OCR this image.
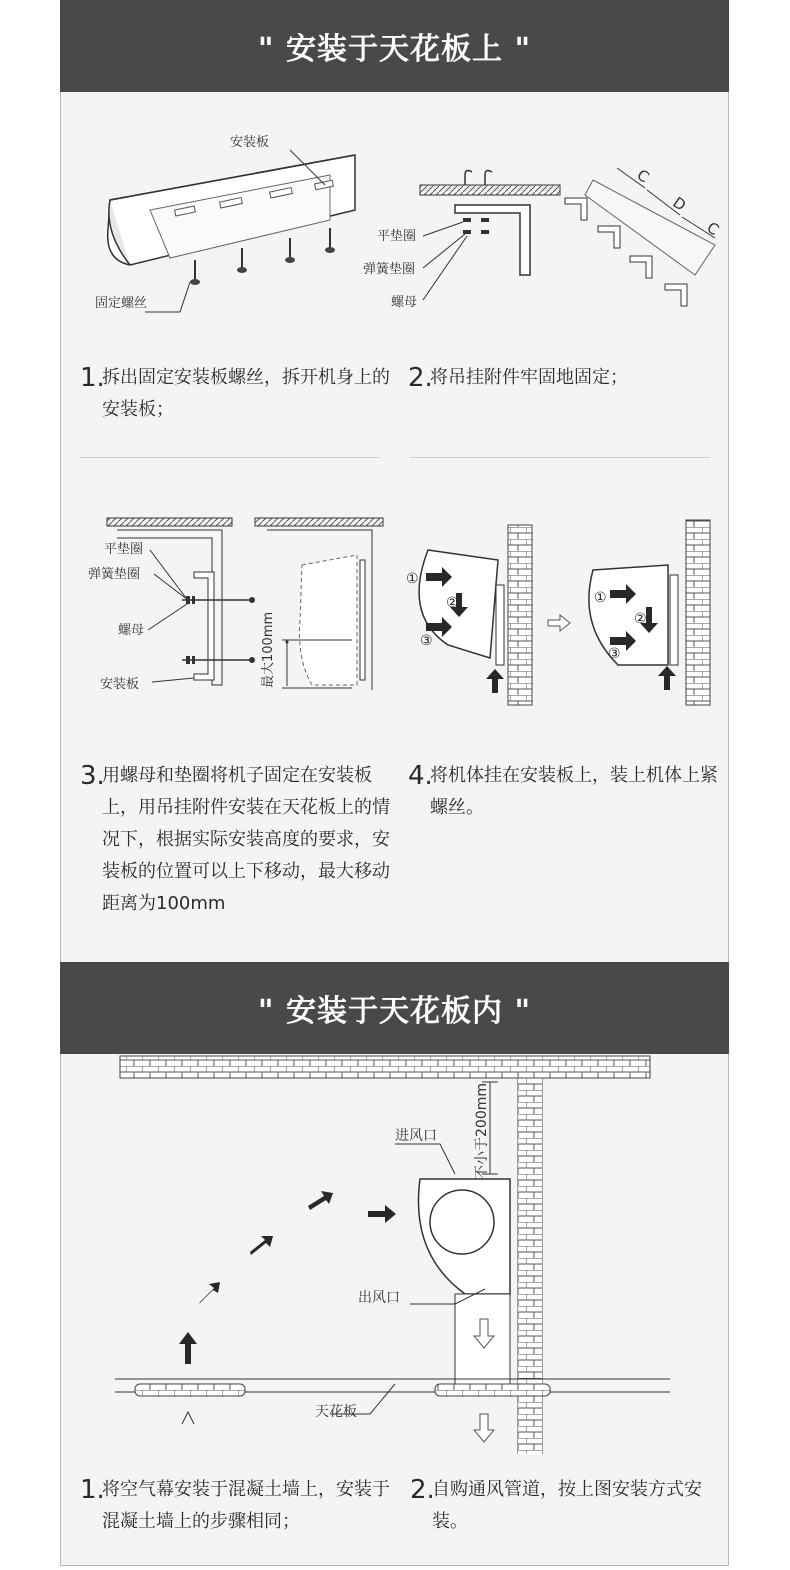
" 安装于天花板上 "
安装板
固定螺丝
平垫圈
弹簧垫圈
螺母
C
D
C
1.
拆出固定安装板螺丝，拆开机身上的安装板；
2.
将吊挂附件牢固地固定；
平垫圈
弹簧垫圈
螺母
安装板	最大100mm
①
②
③
①
②
③
3.
用螺母和垫圈将机子固定在安装板上，用吊挂附件安装在天花板上的情况下，根据实际安装高度的要求，安装板的位置可以上下移动，最大移动距离为100mm
4.
将机体挂在安装板上，装上机体上紧螺丝。
" 安装于天花板内 "
不小于200mm
进风口
出风口
天花板
1.
将空气幕安装于混凝土墙上，安装于混凝土墙上的步骤相同；
2.
自购通风管道，按上图安装方式安装。
